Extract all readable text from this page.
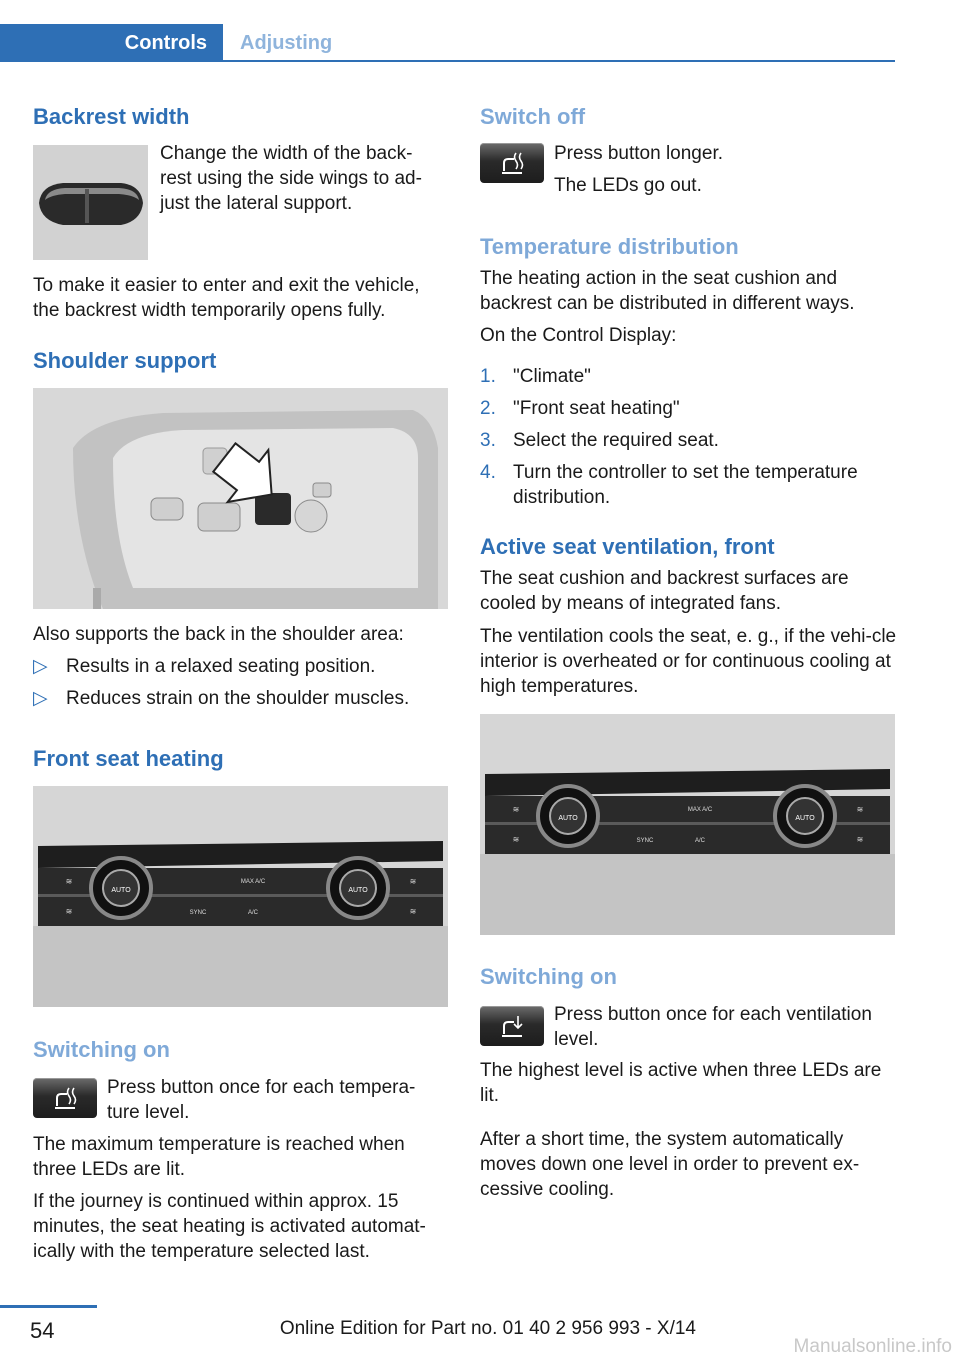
Controls	Adjusting
Backrest width

Change the width of the back-rest using the side wings to ad-just the lateral support.

To make it easier to enter and exit the vehicle, the backrest width temporarily opens fully.

Shoulder support

Also supports the back in the shoulder area:

▷ Results in a relaxed seating position.
▷ Reduces strain on the shoulder muscles.
Front seat heating
AUTO	AUTO
MAX A/C
SYNC	A/C
≋	≋
≋	≋
Switching on

Press button once for each tempera-ture level.

The maximum temperature is reached when three LEDs are lit.

If the journey is continued within approx. 15 minutes, the seat heating is activated automat-ically with the temperature selected last.

Switch off

Press button longer.

The LEDs go out.

Temperature distribution

The heating action in the seat cushion and backrest can be distributed in different ways.

On the Control Display:

1. "Climate"
2. "Front seat heating"
3. Select the required seat.
4. Turn the controller to set the temperature distribution.
Active seat ventilation, front

The seat cushion and backrest surfaces are cooled by means of integrated fans.

The ventilation cools the seat, e. g., if the vehi-cle interior is overheated or for continuous cooling at high temperatures.

AUTO	AUTO
MAX A/C
SYNC	A/C
≋	≋
≋	≋
Switching on

Press button once for each ventilation level.

The highest level is active when three LEDs are lit.

After a short time, the system automatically moves down one level in order to prevent ex-cessive cooling.

54	Online Edition for Part no. 01 40 2 956 993 - X/14
Manualsonline.info
